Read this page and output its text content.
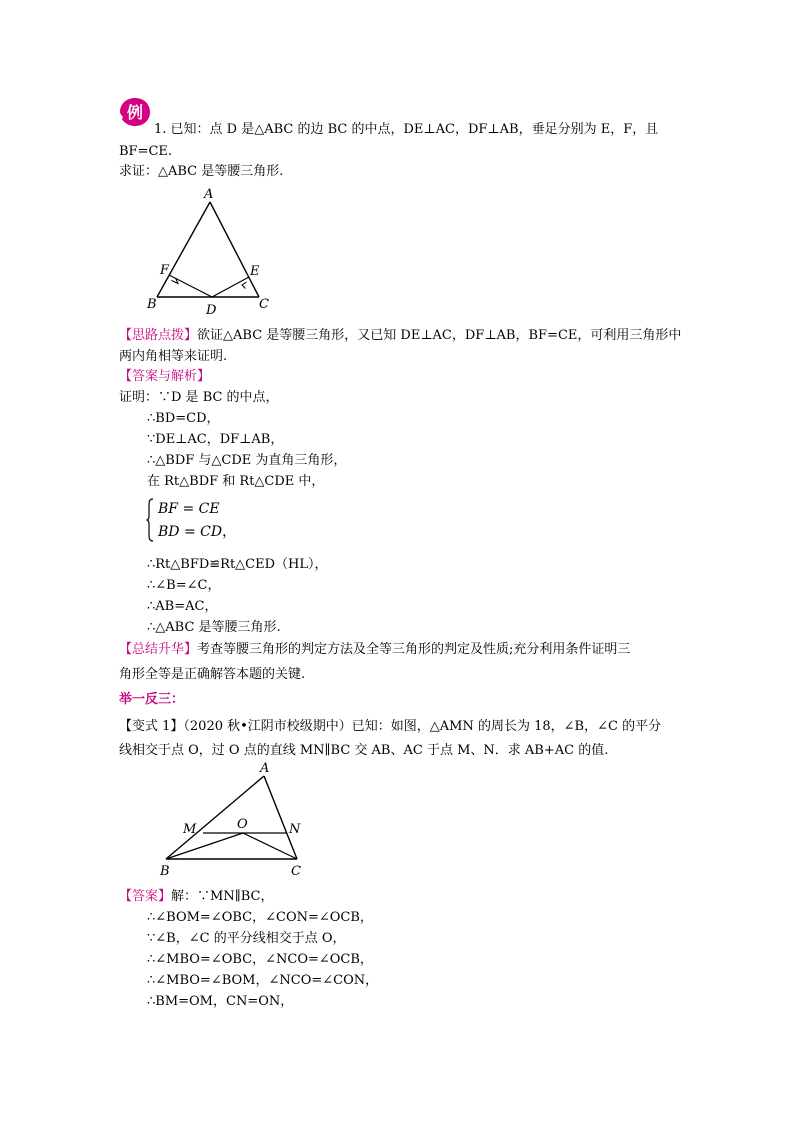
例
1. 已知：点 D 是△ABC 的边 BC 的中点，DE⊥AC，DF⊥AB，垂足分别为 E，F，且
BF=CE.
求证：△ABC 是等腰三角形.
A
F	E
B	D	C
【思路点拨】欲证△ABC 是等腰三角形，又已知 DE⊥AC，DF⊥AB，BF=CE，可利用三角形中
两内角相等来证明.
【答案与解析】
证明：∵D 是 BC 的中点，
∴BD=CD，
∵DE⊥AC，DF⊥AB，
∴△BDF 与△CDE 为直角三角形，
在 Rt△BDF 和 Rt△CDE 中，
BF = CE
BD = CD，
∴Rt△BFD≌Rt△CED（HL），
∴∠B=∠C，
∴AB=AC，
∴△ABC 是等腰三角形.
【总结升华】考查等腰三角形的判定方法及全等三角形的判定及性质;充分利用条件证明三
角形全等是正确解答本题的关键.
举一反三：
【变式 1】（2020 秋•江阴市校级期中）已知：如图，△AMN 的周长为 18，∠B，∠C 的平分
线相交于点 O，过 O 点的直线 MN∥BC 交 AB、AC 于点 M、N．求 AB+AC 的值.
A
M	O	N
B	C
【答案】解：∵MN∥BC，
∴∠BOM=∠OBC，∠CON=∠OCB，
∵∠B，∠C 的平分线相交于点 O，
∴∠MBO=∠OBC，∠NCO=∠OCB，
∴∠MBO=∠BOM，∠NCO=∠CON，
∴BM=OM，CN=ON，
